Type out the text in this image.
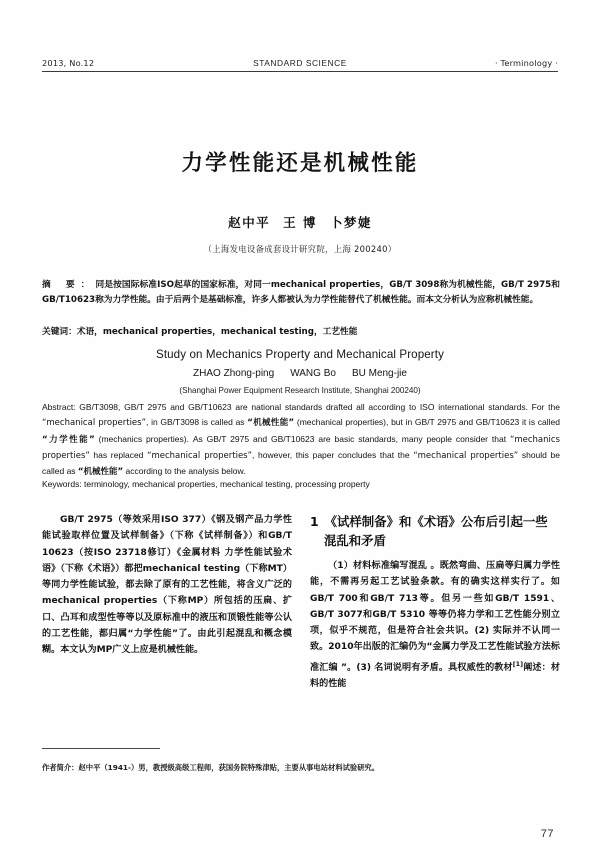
2013, No.12	STANDARD SCIENCE	· Terminology ·
力学性能还是机械性能
赵中平 王 博 卜梦婕
（上海发电设备成套设计研究院，上海 200240）
摘 要：同是按国际标准ISO起草的国家标准，对同一mechanical properties，GB/T 3098称为机械性能，GB/T 2975和GB/T10623称为力学性能。由于后两个是基础标准，许多人都被认为力学性能替代了机械性能。而本文分析认为应称机械性能。
关键词：术语，mechanical properties，mechanical testing，工艺性能
Study on Mechanics Property and Mechanical Property
ZHAO Zhong-ping WANG Bo BU Meng-jie
(Shanghai Power Equipment Research Institute, Shanghai 200240)
Abstract: GB/T3098, GB/T 2975 and GB/T10623 are national standards drafted all according to ISO international standards. For the “mechanical properties”, in GB/T3098 is called as “机械性能” (mechanical properties), but in GB/T 2975 and GB/T10623 it is called “力学性能” (mechanics properties). As GB/T 2975 and GB/T10623 are basic standards, many people consider that “mechanics properties” has replaced “mechanical properties”, however, this paper concludes that the “mechanical properties” should be called as “机械性能” according to the analysis below.
Keywords: terminology, mechanical properties, mechanical testing, processing property

GB/T 2975（等效采用ISO 377）《钢及钢产品力学性能试验取样位置及试样制备》（下称《试样制备》）和GB/T 10623（按ISO 23718修订）《金属材料 力学性能试验术语》（下称《术语》）都把mechanical testing（下称MT）等同力学性能试验，都去除了原有的工艺性能，将含义广泛的mechanical properties（下称MP）所包括的压扁、扩口、凸耳和成型性等等以及原标准中的液压和顶锻性能等公认的工艺性能，都归属“力学性能”了。由此引起混乱和概念模糊。本文认为MP广义上应是机械性能。

1 《试样制备》和《术语》公布后引起一些混乱和矛盾

（1）材料标准编写混乱 。既然弯曲、压扁等归属力学性能，不需再另起工艺试验条款。有的确实这样实行了。如GB/T 700和GB/T 713等。但另一些如GB/T 1591、GB/T 3077和GB/T 5310 等等仍将力学和工艺性能分别立项，似乎不规范，但是符合社会共识。(2) 实际并不认同一致。2010年出版的汇编仍为“金属力学及工艺性能试验方法标准汇编 ”。(3) 名词说明有矛盾。具权威性的教材[1]阐述：材料的性能

作者简介：赵中平（1941-）男，教授级高级工程师，获国务院特殊津贴，主要从事电站材料试验研究。
77
